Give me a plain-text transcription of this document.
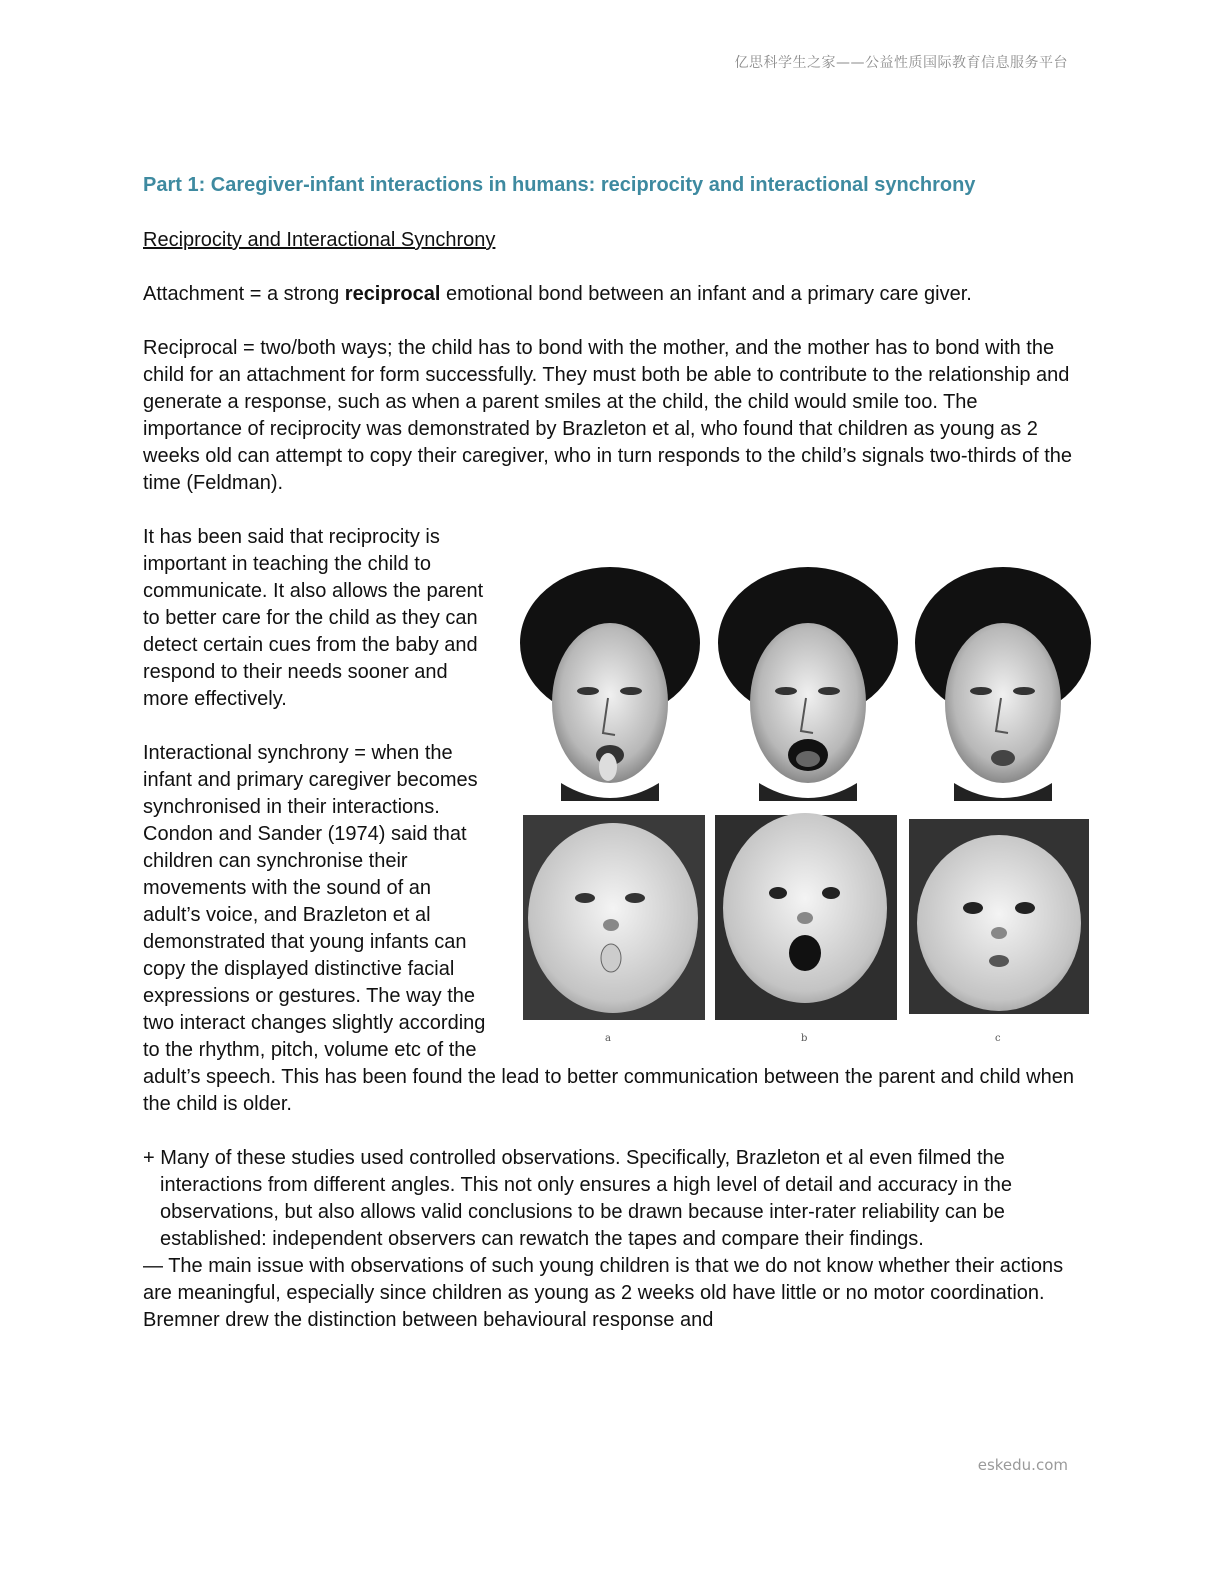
亿思科学生之家——公益性质国际教育信息服务平台
Part 1: Caregiver-infant interactions in humans: reciprocity and interactional synchrony
Reciprocity and Interactional Synchrony

Attachment = a strong reciprocal emotional bond between an infant and a primary care giver.

Reciprocal = two/both ways; the child has to bond with the mother, and the mother has to bond with the child for an attachment for form successfully. They must both be able to contribute to the relationship and generate a response, such as when a parent smiles at the child, the child would smile too. The importance of reciprocity was demonstrated by Brazleton et al, who found that children as young as 2 weeks old can attempt to copy their caregiver, who in turn responds to the child’s signals two-thirds of the time (Feldman).

a	b	c

It has been said that reciprocity is important in teaching the child to communicate. It also allows the parent to better care for the child as they can detect certain cues from the baby and respond to their needs sooner and more effectively.

Interactional synchrony = when the infant and primary caregiver becomes synchronised in their interactions. Condon and Sander (1974) said that children can synchronise their movements with the sound of an adult’s voice, and Brazleton et al demonstrated that young infants can copy the displayed distinctive facial expressions or gestures. The way the two interact changes slightly according to the rhythm, pitch, volume etc of the adult’s speech. This has been found the lead to better communication between the parent and child when the child is older.

+ Many of these studies used controlled observations. Specifically, Brazleton et al even filmed the interactions from different angles. This not only ensures a high level of detail and accuracy in the observations, but also allows valid conclusions to be drawn because inter-rater reliability can be established: independent observers can rewatch the tapes and compare their findings.

— The main issue with observations of such young children is that we do not know whether their actions are meaningful, especially since children as young as 2 weeks old have little or no motor coordination. Bremner drew the distinction between behavioural response and

eskedu.com
